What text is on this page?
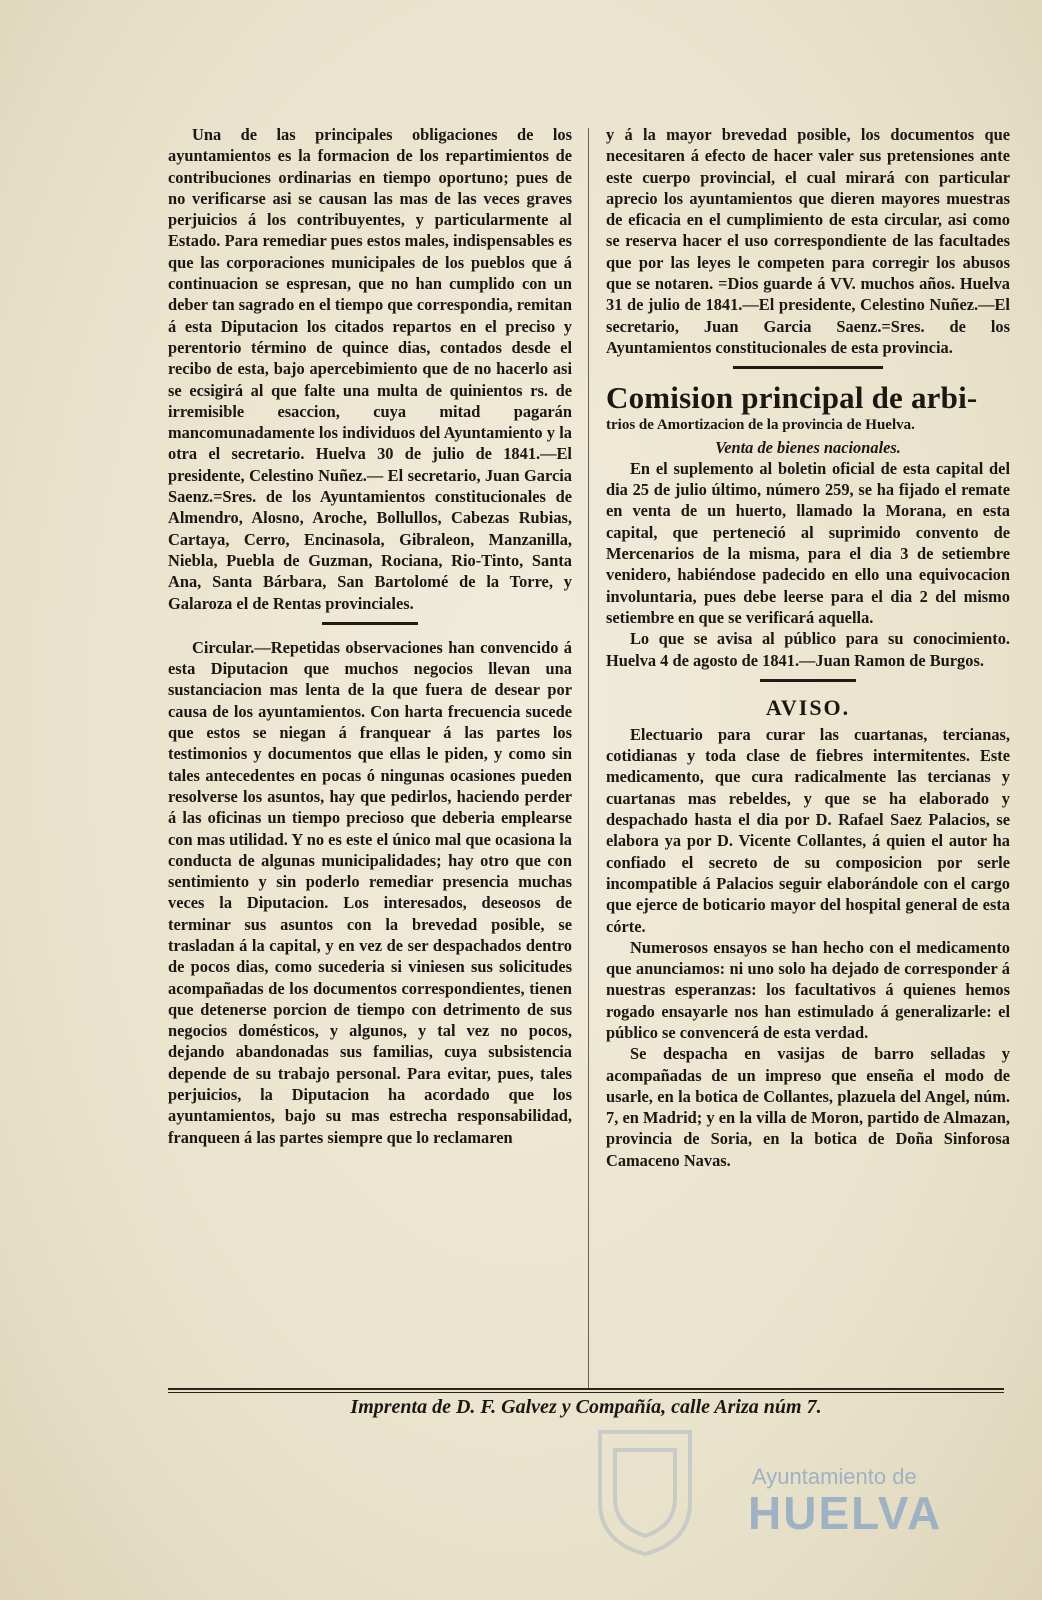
Una de las principales obligaciones de los ayuntamientos es la formacion de los repartimientos de contribuciones ordinarias en tiempo oportuno; pues de no verificarse asi se causan las mas de las veces graves perjuicios á los contribuyentes, y particularmente al Estado. Para remediar pues estos males, indispensables es que las corporaciones municipales de los pueblos que á continuacion se espresan, que no han cumplido con un deber tan sagrado en el tiempo que correspondia, remitan á esta Diputacion los citados repartos en el preciso y perentorio término de quince dias, contados desde el recibo de esta, bajo apercebimiento que de no hacerlo asi se ecsigirá al que falte una multa de quinientos rs. de irremisible esaccion, cuya mitad pagarán mancomunadamente los individuos del Ayuntamiento y la otra el secretario. Huelva 30 de julio de 1841.—El presidente, Celestino Nuñez.— El secretario, Juan Garcia Saenz.=Sres. de los Ayuntamientos constitucionales de Almendro, Alosno, Aroche, Bollullos, Cabezas Rubias, Cartaya, Cerro, Encinasola, Gibraleon, Manzanilla, Niebla, Puebla de Guzman, Rociana, Rio-Tinto, Santa Ana, Santa Bárbara, San Bartolomé de la Torre, y Galaroza el de Rentas provinciales.

Circular.—Repetidas observaciones han convencido á esta Diputacion que muchos negocios llevan una sustanciacion mas lenta de la que fuera de desear por causa de los ayuntamientos. Con harta frecuencia sucede que estos se niegan á franquear á las partes los testimonios y documentos que ellas le piden, y como sin tales antecedentes en pocas ó ningunas ocasiones pueden resolverse los asuntos, hay que pedirlos, haciendo perder á las oficinas un tiempo precioso que deberia emplearse con mas utilidad. Y no es este el único mal que ocasiona la conducta de algunas municipalidades; hay otro que con sentimiento y sin poderlo remediar presencia muchas veces la Diputacion. Los interesados, deseosos de terminar sus asuntos con la brevedad posible, se trasladan á la capital, y en vez de ser despachados dentro de pocos dias, como sucederia si viniesen sus solicitudes acompañadas de los documentos correspondientes, tienen que detenerse porcion de tiempo con detrimento de sus negocios domésticos, y algunos, y tal vez no pocos, dejando abandonadas sus familias, cuya subsistencia depende de su trabajo personal. Para evitar, pues, tales perjuicios, la Diputacion ha acordado que los ayuntamientos, bajo su mas estrecha responsabilidad, franqueen á las partes siempre que lo reclamaren

y á la mayor brevedad posible, los documentos que necesitaren á efecto de hacer valer sus pretensiones ante este cuerpo provincial, el cual mirará con particular aprecio los ayuntamientos que dieren mayores muestras de eficacia en el cumplimiento de esta circular, asi como se reserva hacer el uso correspondiente de las facultades que por las leyes le competen para corregir los abusos que se notaren. =Dios guarde á VV. muchos años. Huelva 31 de julio de 1841.—El presidente, Celestino Nuñez.—El secretario, Juan Garcia Saenz.=Sres. de los Ayuntamientos constitucionales de esta provincia.

Comision principal de arbi-

trios de Amortizacion de la provincia de Huelva.

Venta de bienes nacionales.

En el suplemento al boletin oficial de esta capital del dia 25 de julio último, número 259, se ha fijado el remate en venta de un huerto, llamado la Morana, en esta capital, que perteneció al suprimido convento de Mercenarios de la misma, para el dia 3 de setiembre venidero, habiéndose padecido en ello una equivocacion involuntaria, pues debe leerse para el dia 2 del mismo setiembre en que se verificará aquella.

Lo que se avisa al público para su conocimiento. Huelva 4 de agosto de 1841.—Juan Ramon de Burgos.

AVISO.

Electuario para curar las cuartanas, tercianas, cotidianas y toda clase de fiebres intermitentes. Este medicamento, que cura radicalmente las tercianas y cuartanas mas rebeldes, y que se ha elaborado y despachado hasta el dia por D. Rafael Saez Palacios, se elabora ya por D. Vicente Collantes, á quien el autor ha confiado el secreto de su composicion por serle incompatible á Palacios seguir elaborándole con el cargo que ejerce de boticario mayor del hospital general de esta córte.

Numerosos ensayos se han hecho con el medicamento que anunciamos: ni uno solo ha dejado de corresponder á nuestras esperanzas: los facultativos á quienes hemos rogado ensayarle nos han estimulado á generalizarle: el público se convencerá de esta verdad.

Se despacha en vasijas de barro selladas y acompañadas de un impreso que enseña el modo de usarle, en la botica de Collantes, plazuela del Angel, núm. 7, en Madrid; y en la villa de Moron, partido de Almazan, provincia de Soria, en la botica de Doña Sinforosa Camaceno Navas.

Imprenta de D. F. Galvez y Compañía, calle Ariza núm 7.
Ayuntamiento de
HUELVA
